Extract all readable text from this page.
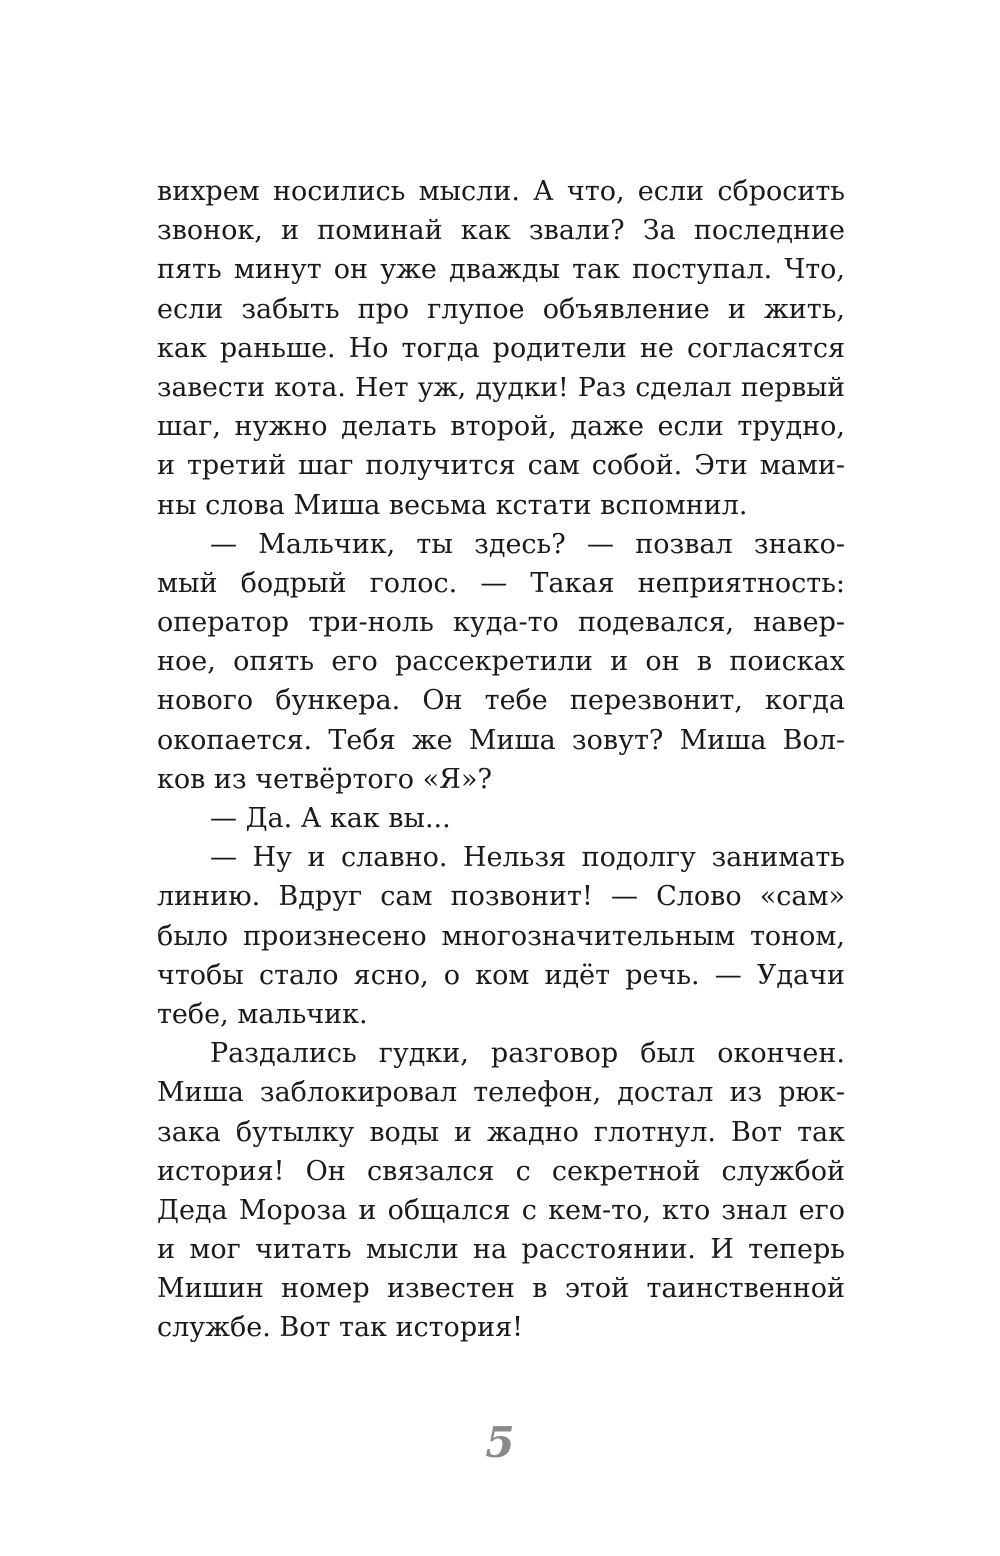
вихрем носились мысли. А что, если сбросить
звонок, и поминай как звали? За последние
пять минут он уже дважды так поступал. Что,
если забыть про глупое объявление и жить,
как раньше. Но тогда родители не согласятся
завести кота. Нет уж, дудки! Раз сделал первый
шаг, нужно делать второй, даже если трудно,
и третий шаг получится сам собой. Эти мами-
ны слова Миша весьма кстати вспомнил.
— Мальчик, ты здесь? — позвал знако-
мый бодрый голос. — Такая неприятность:
оператор три-ноль куда-то подевался, навер-
ное, опять его рассекретили и он в поисках
нового бункера. Он тебе перезвонит, когда
окопается. Тебя же Миша зовут? Миша Вол-
ков из четвёртого «Я»?
— Да. А как вы...
— Ну и славно. Нельзя подолгу занимать
линию. Вдруг сам позвонит! — Слово «сам»
было произнесено многозначительным тоном,
чтобы стало ясно, о ком идёт речь. — Удачи
тебе, мальчик.
Раздались гудки, разговор был окончен.
Миша заблокировал телефон, достал из рюк-
зака бутылку воды и жадно глотнул. Вот так
история! Он связался с секретной службой
Деда Мороза и общался с кем-то, кто знал его
и мог читать мысли на расстоянии. И теперь
Мишин номер известен в этой таинственной
службе. Вот так история!
5
